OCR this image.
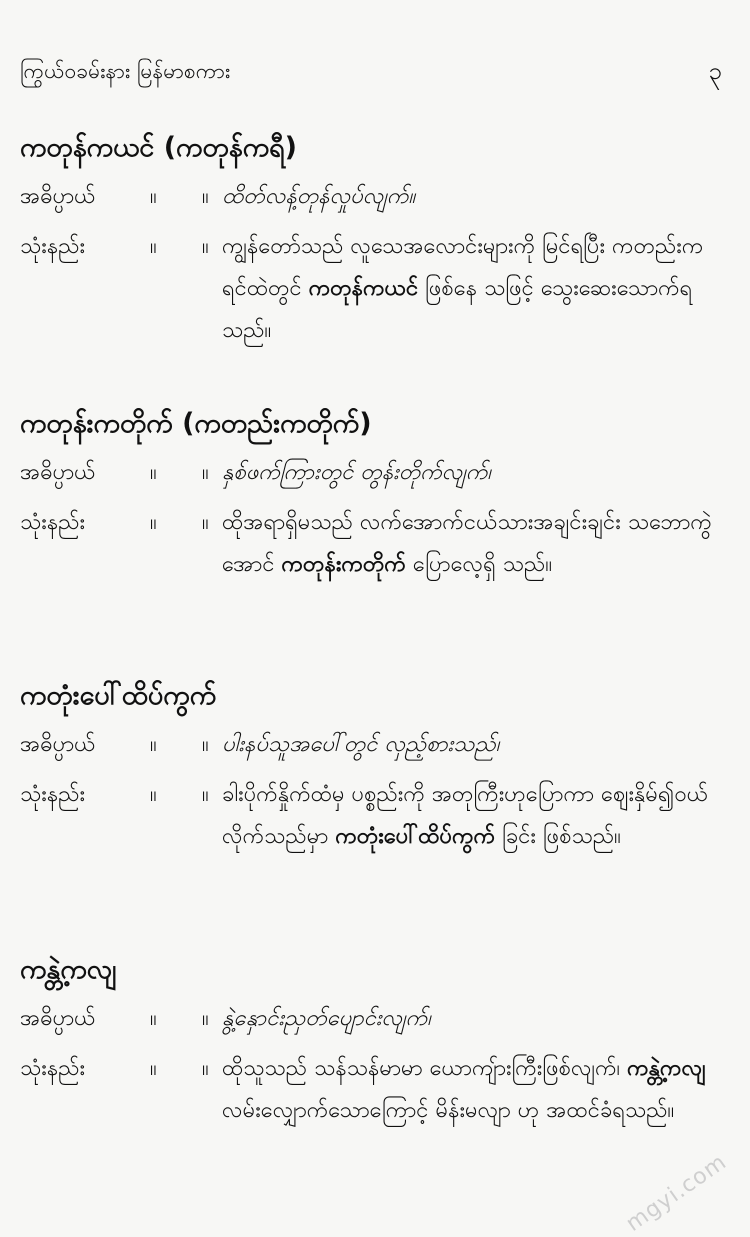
ကြွယ်ဝခမ်းနား မြန်မာစကား	၃
ကတုန်ကယင် (ကတုန်ကရီ)
အဓိပ္ပာယ် ။ ။ ထိတ်လန့်တုန်လှုပ်လျက်။
သုံးနည်း	။ ။ ကျွန်တော်သည် လူသေအလောင်းများကို မြင်ရပြီး ကတည်းက ရင်ထဲတွင် ကတုန်ကယင် ဖြစ်နေ သဖြင့် သွေးဆေးသောက်ရသည်။
ကတုန်းကတိုက် (ကတည်းကတိုက်)
အဓိပ္ပာယ် ။ ။ နှစ်ဖက်ကြားတွင် တွန်းတိုက်လျက်၊
သုံးနည်း	။ ။ ထိုအရာရှိမသည် လက်အောက်ငယ်သားအချင်းချင်း သဘောကွဲအောင် ကတုန်းကတိုက် ပြောလေ့ရှိ သည်။
ကတုံးပေါ်ထိပ်ကွက်
အဓိပ္ပာယ် ။ ။ ပါးနပ်သူအပေါ်တွင် လှည့်စားသည်၊
သုံးနည်း	။ ။ ခါးပိုက်နှိုက်ထံမှ ပစ္စည်းကို အတုကြီးဟုပြောကာ ဈေးနှိမ်၍ဝယ်လိုက်သည်မှာ ကတုံးပေါ်ထိပ်ကွက် ခြင်း ဖြစ်သည်။
ကန္တဲ့ကလျ
အဓိပ္ပာယ် ။ ။ နွဲ့နှောင်းညှတ်ပျောင်းလျက်၊
သုံးနည်း	။ ။ ထိုသူသည် သန်သန်မာမာ ယောကျ်ားကြီးဖြစ်လျက်၊ ကန္တဲ့ကလျ လမ်းလျှောက်သောကြောင့် မိန်းမလျာ ဟု အထင်ခံရသည်။
mgyi.com
